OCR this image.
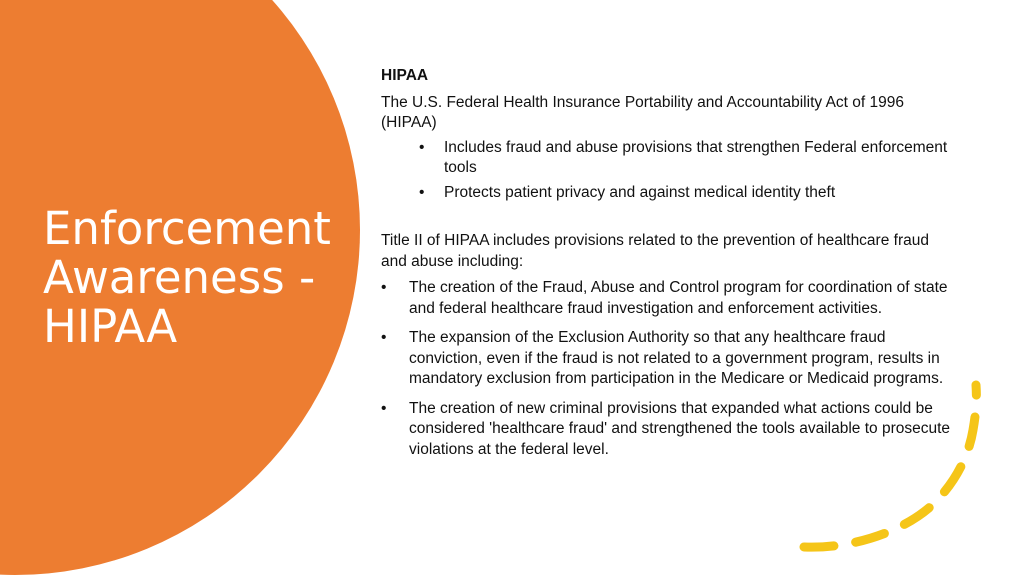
Enforcement Awareness - HIPAA

HIPAA

The U.S. Federal Health Insurance Portability and Accountability Act of 1996 (HIPAA)

• Includes fraud and abuse provisions that strengthen Federal enforcement tools
• Protects patient privacy and against medical identity theft

Title II of HIPAA includes provisions related to the prevention of healthcare fraud and abuse including:

• The creation of the Fraud, Abuse and Control program for coordination of state and federal healthcare fraud investigation and enforcement activities.
• The expansion of the Exclusion Authority so that any healthcare fraud conviction, even if the fraud is not related to a government program, results in mandatory exclusion from participation in the Medicare or Medicaid programs.
• The creation of new criminal provisions that expanded what actions could be considered 'healthcare fraud' and strengthened the tools available to prosecute violations at the federal level.
